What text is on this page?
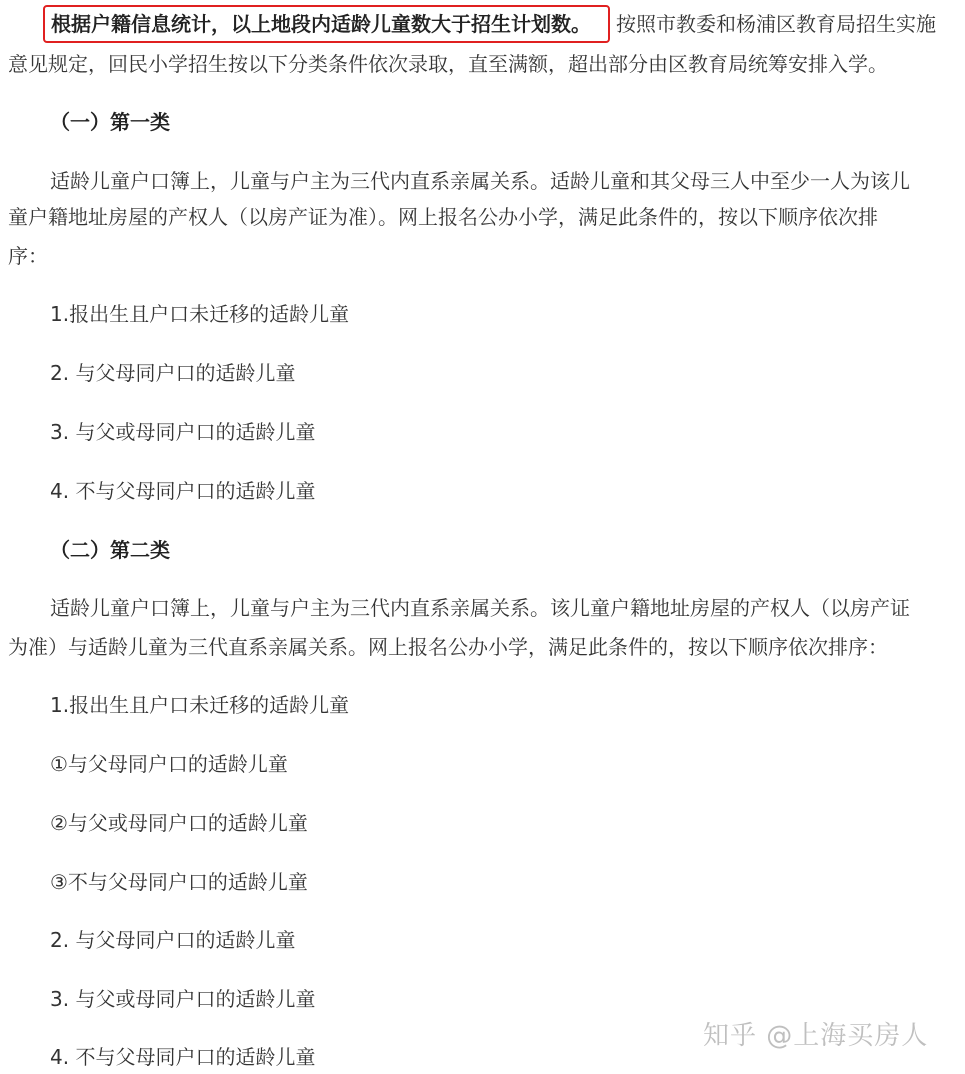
根据户籍信息统计，以上地段内适龄儿童数大于招生计划数。 按照市教委和杨浦区教育局招生实施
意见规定，回民小学招生按以下分类条件依次录取，直至满额，超出部分由区教育局统筹安排入学。
（一）第一类
适龄儿童户口簿上，儿童与户主为三代内直系亲属关系。适龄儿童和其父母三人中至少一人为该儿
童户籍地址房屋的产权人（以房产证为准）。网上报名公办小学，满足此条件的，按以下顺序依次排
序：
1.报出生且户口未迁移的适龄儿童
2. 与父母同户口的适龄儿童
3. 与父或母同户口的适龄儿童
4. 不与父母同户口的适龄儿童
（二）第二类
适龄儿童户口簿上，儿童与户主为三代内直系亲属关系。该儿童户籍地址房屋的产权人（以房产证
为准）与适龄儿童为三代直系亲属关系。网上报名公办小学，满足此条件的，按以下顺序依次排序：
1.报出生且户口未迁移的适龄儿童
①与父母同户口的适龄儿童
②与父或母同户口的适龄儿童
③不与父母同户口的适龄儿童
2. 与父母同户口的适龄儿童
3. 与父或母同户口的适龄儿童
4. 不与父母同户口的适龄儿童
知乎 @上海买房人
